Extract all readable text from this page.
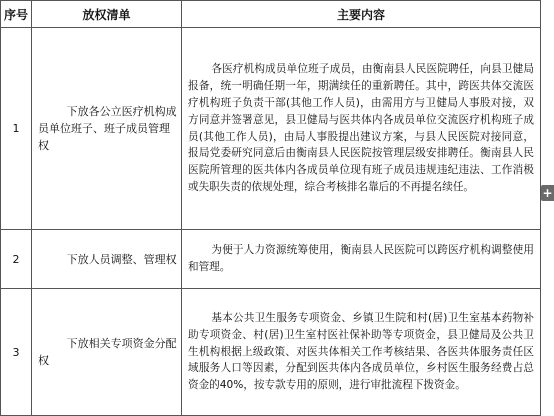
序号	放权清单	主要内容
1	下放各公立医疗机构成员单位班子、班子成员管理权	各医疗机构成员单位班子成员，由衡南县人民医院聘任，向县卫健局报备，统一明确任期一年，期满续任的重新聘任。其中，跨医共体交流医疗机构班子负责干部(其他工作人员)，由需用方与卫健局人事股对接，双方同意并签署意见，县卫健局与医共体内各成员单位交流医疗机构班子成员(其他工作人员)，由局人事股提出建议方案，与县人民医院对接同意，报局党委研究同意后由衡南县人民医院按管理层级安排聘任。衡南县人民医院所管理的医共体内各成员单位现有班子成员违规违纪违法、工作消极或失职失责的依规处理，综合考核排名靠后的不再提名续任。

2	下放人员调整、管理权	为便于人力资源统筹使用，衡南县人民医院可以跨医疗机构调整使用和管理。

3	下放相关专项资金分配权	基本公共卫生服务专项资金、乡镇卫生院和村(居)卫生室基本药物补助专项资金、村(居)卫生室村医社保补助等专项资金，县卫健局及公共卫生机构根据上级政策、对医共体相关工作考核结果、各医共体服务责任区域服务人口等因素，分配到医共体内各成员单位，乡村医生服务经费占总资金的40%，按专款专用的原则，进行审批流程下拨资金。
+
